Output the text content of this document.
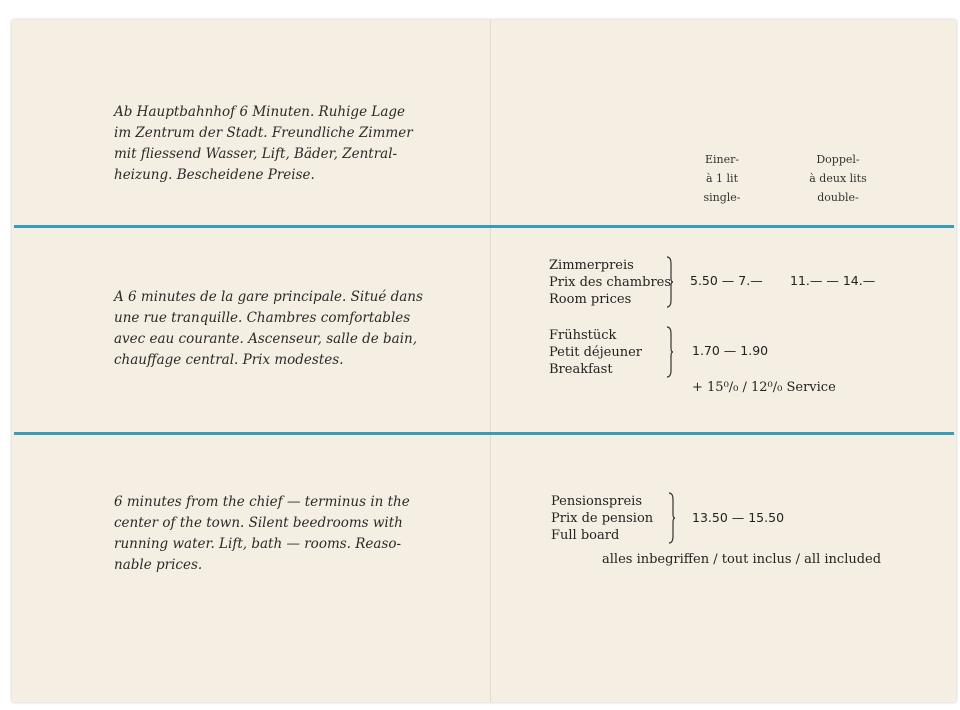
Ab Hauptbahnhof 6 Minuten. Ruhige Lage
im Zentrum der Stadt. Freundliche Zimmer
mit fliessend Wasser, Lift, Bäder, Zentral-
heizung. Bescheidene Preise.
A 6 minutes de la gare principale. Situé dans
une rue tranquille. Chambres comfortables
avec eau courante. Ascenseur, salle de bain,
chauffage central. Prix modestes.
6 minutes from the chief — terminus in the
center of the town. Silent beedrooms with
running water. Lift, bath — rooms. Reaso-
nable prices.
Einer-
à 1 lit
single-
Doppel-
à deux lits
double-
Zimmerpreis
Prix des chambres
Room prices
5.50 — 7.— 11.— — 14.—
Frühstück
Petit déjeuner
Breakfast
1.70 — 1.90
+ 15⁰/₀ / 12⁰/₀ Service
Pensionspreis
Prix de pension
Full board
13.50 — 15.50
alles inbegriffen / tout inclus / all included
